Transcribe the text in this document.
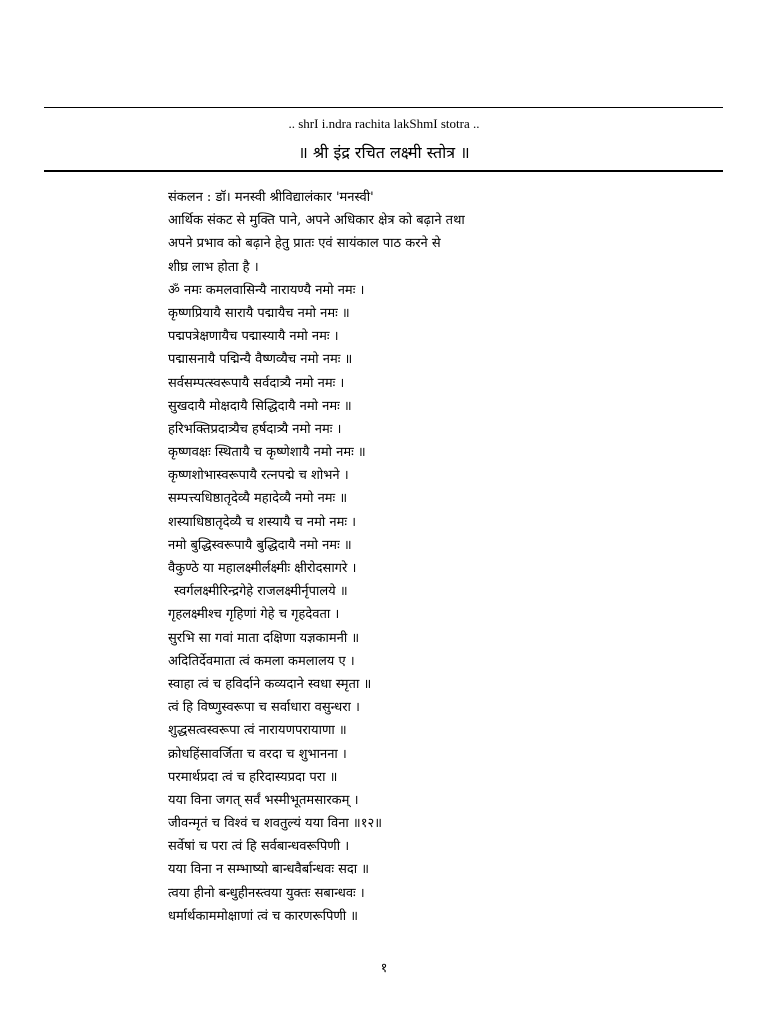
.. shrI i.ndra rachita lakShmI stotra ..
॥ श्री इंद्र रचित लक्ष्मी स्तोत्र ॥
संकलन : डॉ। मनस्वी श्रीविद्यालंकार 'मनस्वी'
आर्थिक संकट से मुक्ति पाने, अपने अधिकार क्षेत्र को बढ़ाने तथा
अपने प्रभाव को बढ़ाने हेतु प्रातः एवं सायंकाल पाठ करने से
शीघ्र लाभ होता है ।
ॐ नमः कमलवासिन्यै नारायण्यै नमो नमः ।
कृष्णप्रियायै सारायै पद्मायैच नमो नमः ॥
पद्मपत्रेक्षणायैच पद्मास्यायै नमो नमः ।
पद्मासनायै पद्मिन्यै वैष्णव्यैच नमो नमः ॥
सर्वसम्पत्स्वरूपायै सर्वदात्र्यै नमो नमः ।
सुखदायै मोक्षदायै सिद्धिदायै नमो नमः ॥
हरिभक्तिप्रदात्र्यैच हर्षदात्र्यै नमो नमः ।
कृष्णवक्षः स्थितायै च कृष्णेशायै नमो नमः ॥
कृष्णशोभास्वरूपायै रत्नपद्मे च शोभने ।
सम्पत्त्यधिष्ठातृदेव्यै महादेव्यै नमो नमः ॥
शस्याधिष्ठातृदेव्यै च शस्यायै च नमो नमः ।
नमो बुद्धिस्वरूपायै बुद्धिदायै नमो नमः ॥
वैकुण्ठे या महालक्ष्मीर्लक्ष्मीः क्षीरोदसागरे ।
स्वर्गलक्ष्मीरिन्द्रगेहे राजलक्ष्मीर्नृपालये ॥
गृहलक्ष्मीश्च गृहिणां गेहे च गृहदेवता ।
सुरभि सा गवां माता दक्षिणा यज्ञकामनी ॥
अदितिर्देवमाता त्वं कमला कमलालय ए ।
स्वाहा त्वं च हविर्दाने कव्यदाने स्वधा स्मृता ॥
त्वं हि विष्णुस्वरूपा च सर्वाधारा वसुन्धरा ।
शुद्धसत्वस्वरूपा त्वं नारायणपरायाणा ॥
क्रोधहिंसावर्जिता च वरदा च शुभानना ।
परमार्थप्रदा त्वं च हरिदास्यप्रदा परा ॥
यया विना जगत् सर्वं भस्मीभूतमसारकम् ।
जीवन्मृतं च विश्वं च शवतुल्यं यया विना ॥१२॥
सर्वेषां च परा त्वं हि सर्वबान्धवरूपिणी ।
यया विना न सम्भाष्यो बान्धवैर्बान्धवः सदा ॥
त्वया हीनो बन्धुहीनस्त्वया युक्तः सबान्धवः ।
धर्मार्थकाममोक्षाणां त्वं च कारणरूपिणी ॥
१
